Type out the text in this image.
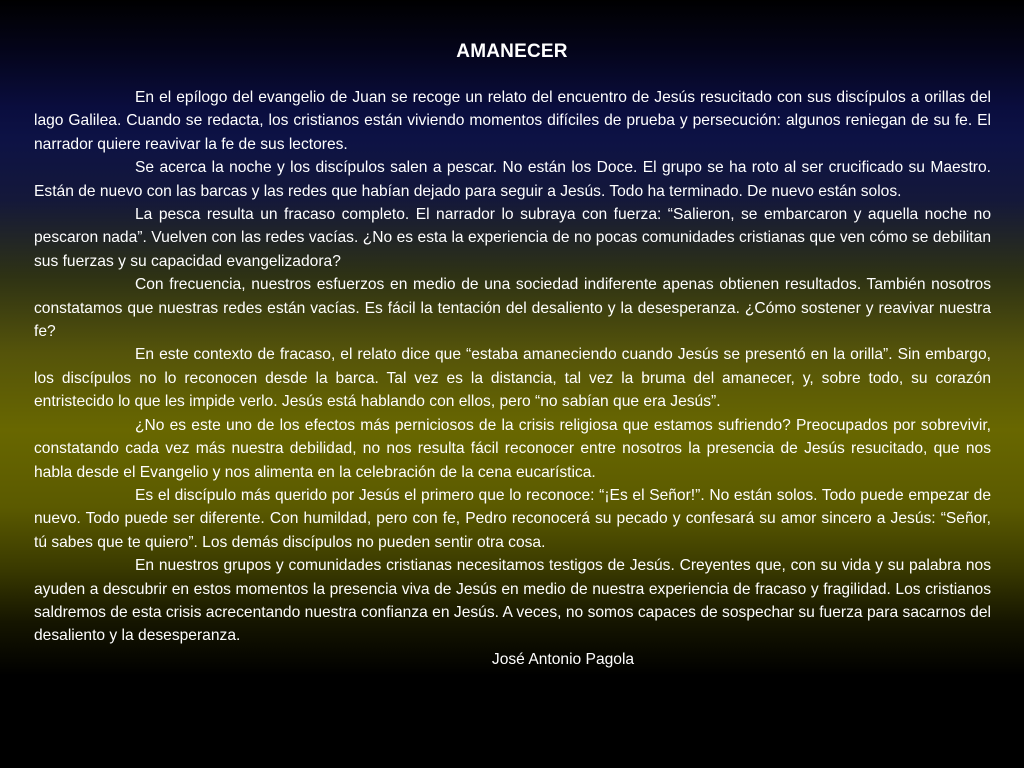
AMANECER

En el epílogo del evangelio de Juan se recoge un relato del encuentro de Jesús resucitado con sus discípulos a orillas del lago Galilea. Cuando se redacta, los cristianos están viviendo momentos difíciles de prueba y persecución: algunos reniegan de su fe. El narrador quiere reavivar la fe de sus lectores.

Se acerca la noche y los discípulos salen a pescar. No están los Doce. El grupo se ha roto al ser crucificado su Maestro. Están de nuevo con las barcas y las redes que habían dejado para seguir a Jesús. Todo ha terminado. De nuevo están solos.

La pesca resulta un fracaso completo. El narrador lo subraya con fuerza: “Salieron, se embarcaron y aquella noche no pescaron nada”. Vuelven con las redes vacías. ¿No es esta la experiencia de no pocas comunidades cristianas que ven cómo se debilitan sus fuerzas y su capacidad evangelizadora?

Con frecuencia, nuestros esfuerzos en medio de una sociedad indiferente apenas obtienen resultados. También nosotros constatamos que nuestras redes están vacías. Es fácil la tentación del desaliento y la desesperanza. ¿Cómo sostener y reavivar nuestra fe?

En este contexto de fracaso, el relato dice que “estaba amaneciendo cuando Jesús se presentó en la orilla”. Sin embargo, los discípulos no lo reconocen desde la barca. Tal vez es la distancia, tal vez la bruma del amanecer, y, sobre todo, su corazón entristecido lo que les impide verlo. Jesús está hablando con ellos, pero “no sabían que era Jesús”.

¿No es este uno de los efectos más perniciosos de la crisis religiosa que estamos sufriendo? Preocupados por sobrevivir, constatando cada vez más nuestra debilidad, no nos resulta fácil reconocer entre nosotros la presencia de Jesús resucitado, que nos habla desde el Evangelio y nos alimenta en la celebración de la cena eucarística.

Es el discípulo más querido por Jesús el primero que lo reconoce: “¡Es el Señor!”. No están solos. Todo puede empezar de nuevo. Todo puede ser diferente. Con humildad, pero con fe, Pedro reconocerá su pecado y confesará su amor sincero a Jesús: “Señor, tú sabes que te quiero”. Los demás discípulos no pueden sentir otra cosa.

En nuestros grupos y comunidades cristianas necesitamos testigos de Jesús. Creyentes que, con su vida y su palabra nos ayuden a descubrir en estos momentos la presencia viva de Jesús en medio de nuestra experiencia de fracaso y fragilidad. Los cristianos saldremos de esta crisis acrecentando nuestra confianza en Jesús. A veces, no somos capaces de sospechar su fuerza para sacarnos del desaliento y la desesperanza.

José Antonio Pagola
